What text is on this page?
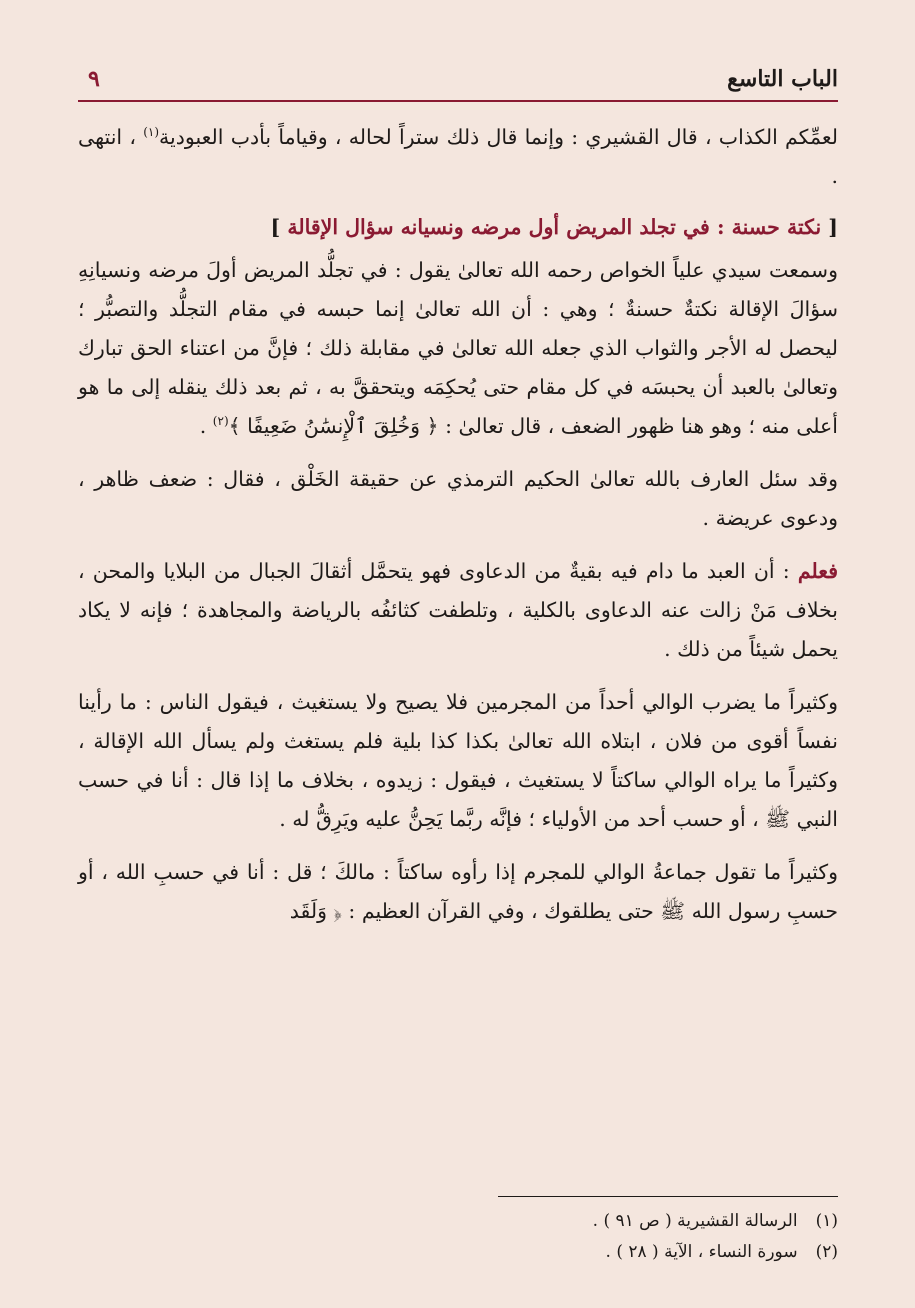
الباب التاسع
٩

لعمِّكم الكذاب ، قال القشيري : وإنما قال ذلك ستراً لحاله ، وقياماً بأدب العبودية$^{(١)}$ ، انتهى .

[ نكتة حسنة : في تجلد المريض أول مرضه ونسيانه سؤال الإقالة ]

وسمعت سيدي علياً الخواص رحمه الله تعالىٰ يقول : في تجلُّد المريض أولَ مرضه ونسيانِهِ سؤالَ الإقالة نكتةٌ حسنةٌ ؛ وهي : أن الله تعالىٰ إنما حبسه في مقام التجلُّد والتصبُّر ؛ ليحصل له الأجر والثواب الذي جعله الله تعالىٰ في مقابلة ذلك ؛ فإنَّ من اعتناء الحق تبارك وتعالىٰ بالعبد أن يحبسَه في كل مقام حتى يُحكِمَه ويتحققَّ به ، ثم بعد ذلك ينقله إلى ما هو أعلى منه ؛ وهو هنا ظهور الضعف ، قال تعالىٰ : ﴿ وَخُلِقَ ٱلْإِنسَٰنُ ضَعِيفًا ﴾$^{(٢)}$ .

وقد سئل العارف بالله تعالىٰ الحكيم الترمذي عن حقيقة الخَلْق ، فقال : ضعف ظاهر ، ودعوى عريضة .

فعلم : أن العبد ما دام فيه بقيةٌ من الدعاوى فهو يتحمَّل أثقالَ الجبال من البلايا والمحن ، بخلاف مَنْ زالت عنه الدعاوى بالكلية ، وتلطفت كثائفُه بالرياضة والمجاهدة ؛ فإنه لا يكاد يحمل شيئاً من ذلك .

وكثيراً ما يضرب الوالي أحداً من المجرمين فلا يصيح ولا يستغيث ، فيقول الناس : ما رأينا نفساً أقوى من فلان ، ابتلاه الله تعالىٰ بكذا كذا بلية فلم يستغث ولم يسأل الله الإقالة ، وكثيراً ما يراه الوالي ساكتاً لا يستغيث ، فيقول : زيدوه ، بخلاف ما إذا قال : أنا في حسب النبي ﷺ ، أو حسب أحد من الأولياء ؛ فإنَّه ربَّما يَحِنُّ عليه ويَرِقُّ له .

وكثيراً ما تقول جماعةُ الوالي للمجرم إذا رأوه ساكتاً : مالكَ ؛ قل : أنا في حسبِ الله ، أو حسبِ رسول الله ﷺ حتى يطلقوك ، وفي القرآن العظيم : ﴿ وَلَقَد

(١)
الرسالة القشيرية ( ص ٩١ ) .
(٢)
سورة النساء ، الآية ( ٢٨ ) .
